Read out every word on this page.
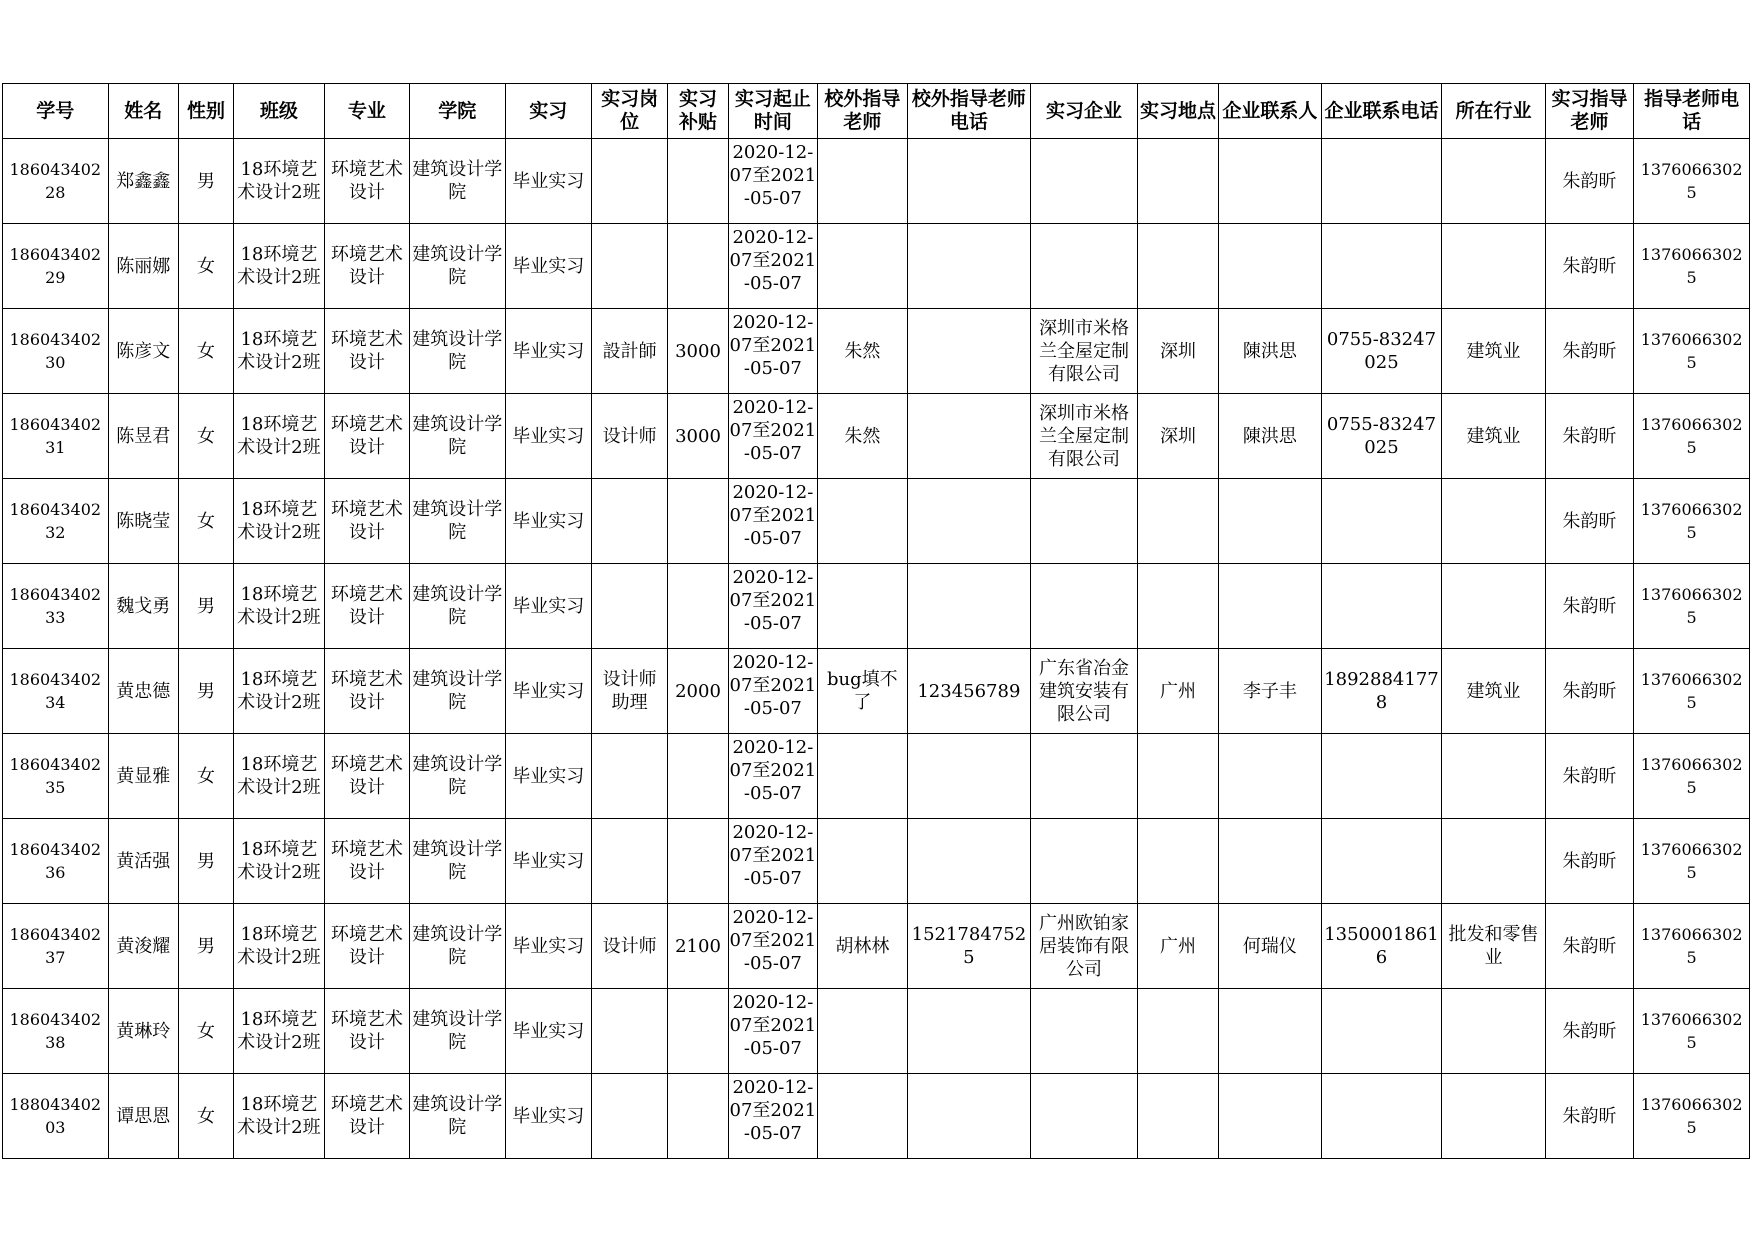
学号	姓名	性别	班级	专业	学院	实习	实习岗位	实习补贴	实习起止时间	校外指导老师	校外指导老师电话	实习企业	实习地点	企业联系人	企业联系电话	所在行业	实习指导老师	指导老师电话
18604340228	郑鑫鑫	男	18环境艺术设计2班	环境艺术设计	建筑设计学院	毕业实习			2020-12-07至2021-05-07								朱韵昕	13760663025
18604340229	陈丽娜	女	18环境艺术设计2班	环境艺术设计	建筑设计学院	毕业实习			2020-12-07至2021-05-07								朱韵昕	13760663025
18604340230	陈彦文	女	18环境艺术设计2班	环境艺术设计	建筑设计学院	毕业实习	設計師	3000	2020-12-07至2021-05-07	朱然		深圳市米格兰全屋定制有限公司	深圳	陳洪思	0755-83247025	建筑业	朱韵昕	13760663025
18604340231	陈昱君	女	18环境艺术设计2班	环境艺术设计	建筑设计学院	毕业实习	设计师	3000	2020-12-07至2021-05-07	朱然		深圳市米格兰全屋定制有限公司	深圳	陳洪思	0755-83247025	建筑业	朱韵昕	13760663025
18604340232	陈晓莹	女	18环境艺术设计2班	环境艺术设计	建筑设计学院	毕业实习			2020-12-07至2021-05-07								朱韵昕	13760663025
18604340233	魏戈勇	男	18环境艺术设计2班	环境艺术设计	建筑设计学院	毕业实习			2020-12-07至2021-05-07								朱韵昕	13760663025
18604340234	黄忠德	男	18环境艺术设计2班	环境艺术设计	建筑设计学院	毕业实习	设计师助理	2000	2020-12-07至2021-05-07	bug填不了	123456789	广东省冶金建筑安装有限公司	广州	李子丰	18928841778	建筑业	朱韵昕	13760663025
18604340235	黄显雅	女	18环境艺术设计2班	环境艺术设计	建筑设计学院	毕业实习			2020-12-07至2021-05-07								朱韵昕	13760663025
18604340236	黄活强	男	18环境艺术设计2班	环境艺术设计	建筑设计学院	毕业实习			2020-12-07至2021-05-07								朱韵昕	13760663025
18604340237	黄浚耀	男	18环境艺术设计2班	环境艺术设计	建筑设计学院	毕业实习	设计师	2100	2020-12-07至2021-05-07	胡林林	15217847525	广州欧铂家居装饰有限公司	广州	何瑞仪	13500018616	批发和零售业	朱韵昕	13760663025
18604340238	黄琳玲	女	18环境艺术设计2班	环境艺术设计	建筑设计学院	毕业实习			2020-12-07至2021-05-07								朱韵昕	13760663025
18804340203	谭思恩	女	18环境艺术设计2班	环境艺术设计	建筑设计学院	毕业实习			2020-12-07至2021-05-07								朱韵昕	13760663025
